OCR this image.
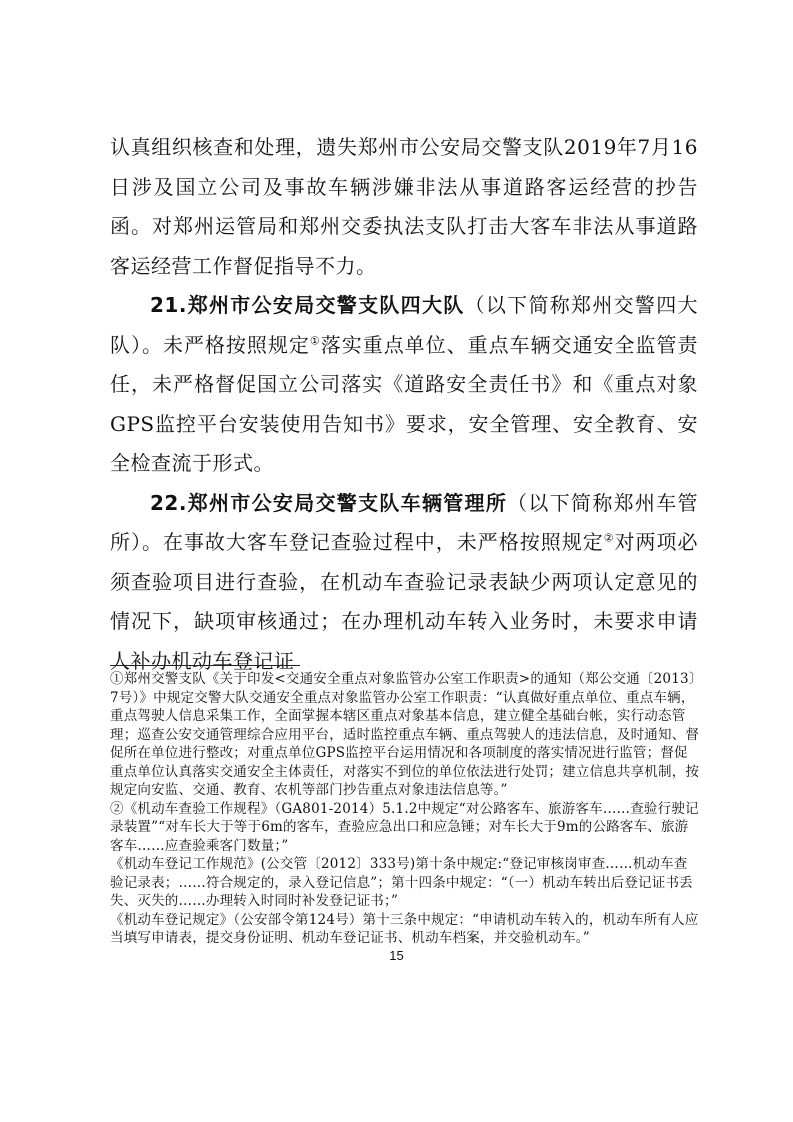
认真组织核查和处理，遗失郑州市公安局交警支队2019年7月16日涉及国立公司及事故车辆涉嫌非法从事道路客运经营的抄告函。对郑州运管局和郑州交委执法支队打击大客车非法从事道路客运经营工作督促指导不力。

21.郑州市公安局交警支队四大队（以下简称郑州交警四大队）。未严格按照规定①落实重点单位、重点车辆交通安全监管责任，未严格督促国立公司落实《道路安全责任书》和《重点对象GPS监控平台安装使用告知书》要求，安全管理、安全教育、安全检查流于形式。

22.郑州市公安局交警支队车辆管理所（以下简称郑州车管所）。在事故大客车登记查验过程中，未严格按照规定②对两项必须查验项目进行查验，在机动车查验记录表缺少两项认定意见的情况下，缺项审核通过；在办理机动车转入业务时，未要求申请人补办机动车登记证

①郑州交警支队《关于印发<交通安全重点对象监管办公室工作职责>的通知（郑公交通〔2013〕7号）》中规定交警大队交通安全重点对象监管办公室工作职责：“认真做好重点单位、重点车辆，重点驾驶人信息采集工作，全面掌握本辖区重点对象基本信息，建立健全基础台帐，实行动态管理；巡查公安交通管理综合应用平台，适时监控重点车辆、重点驾驶人的违法信息，及时通知、督促所在单位进行整改；对重点单位GPS监控平台运用情况和各项制度的落实情况进行监管；督促重点单位认真落实交通安全主体责任，对落实不到位的单位依法进行处罚；建立信息共享机制，按规定向安监、交通、教育、农机等部门抄告重点对象违法信息等。”

②《机动车查验工作规程》（GA801-2014）5.1.2中规定“对公路客车、旅游客车……查验行驶记录装置”“对车长大于等于6m的客车，查验应急出口和应急锤；对车长大于9m的公路客车、旅游客车……应查验乘客门数量；”

《机动车登记工作规范》(公交管〔2012〕333号)第十条中规定:“登记审核岗审查……机动车查验记录表；……符合规定的，录入登记信息”；第十四条中规定：“（一）机动车转出后登记证书丢失、灭失的……办理转入时同时补发登记证书；”

《机动车登记规定》（公安部令第124号）第十三条中规定：“申请机动车转入的，机动车所有人应当填写申请表，提交身份证明、机动车登记证书、机动车档案，并交验机动车。”

15
